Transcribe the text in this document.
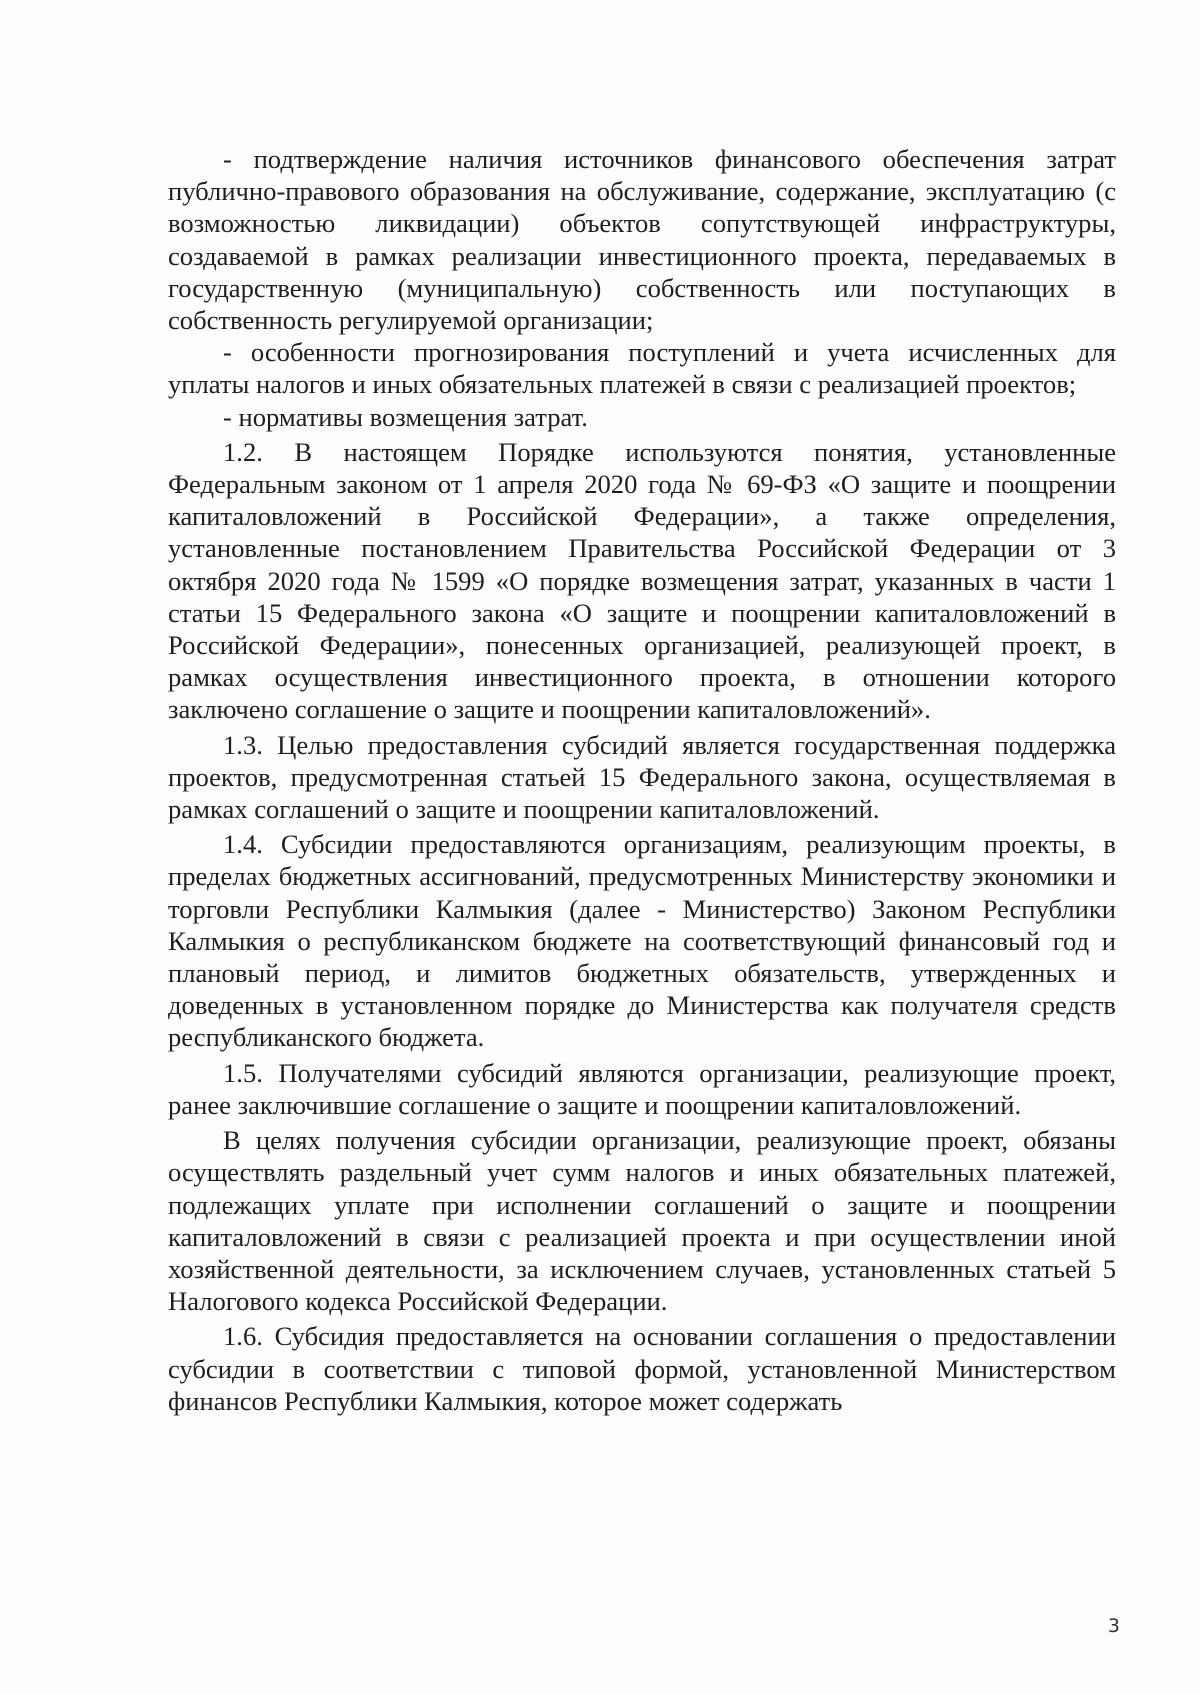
- подтверждение наличия источников финансового обеспечения затрат публично-правового образования на обслуживание, содержание, эксплуатацию (с возможностью ликвидации) объектов сопутствующей инфраструктуры, создаваемой в рамках реализации инвестиционного проекта, передаваемых в государственную (муниципальную) собственность или поступающих в собственность регулируемой организации;

- особенности прогнозирования поступлений и учета исчисленных для уплаты налогов и иных обязательных платежей в связи с реализацией проектов;

- нормативы возмещения затрат.

1.2. В настоящем Порядке используются понятия, установленные Федеральным законом от 1 апреля 2020 года № 69-ФЗ «О защите и поощрении капиталовложений в Российской Федерации», а также определения, установленные постановлением Правительства Российской Федерации от 3 октября 2020 года № 1599 «О порядке возмещения затрат, указанных в части 1 статьи 15 Федерального закона «О защите и поощрении капиталовложений в Российской Федерации», понесенных организацией, реализующей проект, в рамках осуществления инвестиционного проекта, в отношении которого заключено соглашение о защите и поощрении капиталовложений».

1.3. Целью предоставления субсидий является государственная поддержка проектов, предусмотренная статьей 15 Федерального закона, осуществляемая в рамках соглашений о защите и поощрении капиталовложений.

1.4. Субсидии предоставляются организациям, реализующим проекты, в пределах бюджетных ассигнований, предусмотренных Министерству экономики и торговли Республики Калмыкия (далее - Министерство) Законом Республики Калмыкия о республиканском бюджете на соответствующий финансовый год и плановый период, и лимитов бюджетных обязательств, утвержденных и доведенных в установленном порядке до Министерства как получателя средств республиканского бюджета.

1.5. Получателями субсидий являются организации, реализующие проект, ранее заключившие соглашение о защите и поощрении капиталовложений.

В целях получения субсидии организации, реализующие проект, обязаны осуществлять раздельный учет сумм налогов и иных обязательных платежей, подлежащих уплате при исполнении соглашений о защите и поощрении капиталовложений в связи с реализацией проекта и при осуществлении иной хозяйственной деятельности, за исключением случаев, установленных статьей 5 Налогового кодекса Российской Федерации.

1.6. Субсидия предоставляется на основании соглашения о предоставлении субсидии в соответствии с типовой формой, установленной Министерством финансов Республики Калмыкия, которое может содержать

3
